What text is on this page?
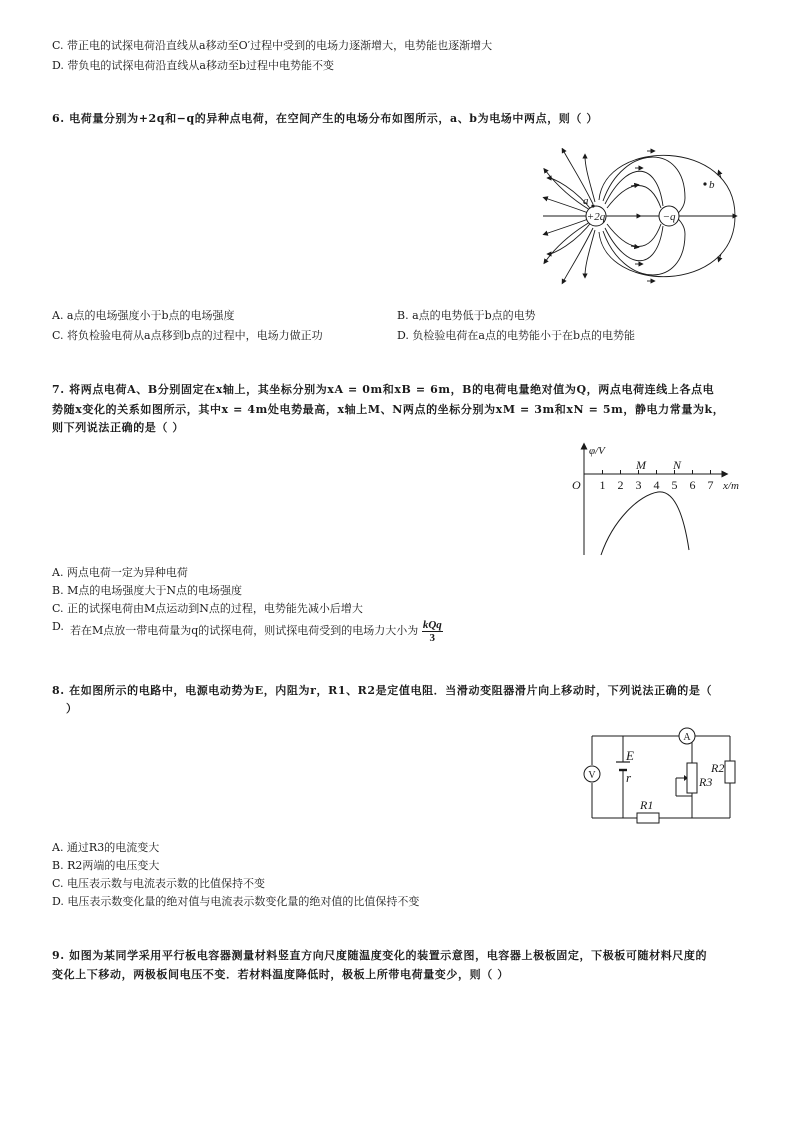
C. 带正电的试探电荷沿直线从a移动至O′过程中受到的电场力逐渐增大，电势能也逐渐增大
D. 带负电的试探电荷沿直线从a移动至b过程中电势能不变
6. 电荷量分别为+2q和−q的异种点电荷，在空间产生的电场分布如图所示，a、b为电场中两点，则（ ）
+2q	−q
a
b
A. a点的电场强度小于b点的电场强度	B. a点的电势低于b点的电势
C. 将负检验电荷从a点移到b点的过程中，电场力做正功	D. 负检验电荷在a点的电势能小于在b点的电势能
7. 将两点电荷A、B分别固定在x轴上，其坐标分别为xA = 0m和xB = 6m，B的电荷电量绝对值为Q，两点电荷连线上各点电
势随x变化的关系如图所示，其中x = 4m处电势最高，x轴上M、N两点的坐标分别为xM = 3m和xN = 5m，静电力常量为k，
则下列说法正确的是（ ）
φ/V
x/m
O 1 2 3 4 5 6 7
M N
A. 两点电荷一定为异种电荷
B. M点的电场强度大于N点的电场强度
C. 正的试探电荷由M点运动到N点的过程，电势能先减小后增大
D. 若在M点放一带电荷量为q的试探电荷，则试探电荷受到的电场力大小为 $\frac{\text{kQq}}{3}$
8. 在如图所示的电路中，电源电动势为E，内阻为r，R1、R2是定值电阻．当滑动变阻器滑片向上移动时，下列说法正确的是（
）
A
V
E
r
R1
R2
R3
A. 通过R3的电流变大
B. R2两端的电压变大
C. 电压表示数与电流表示数的比值保持不变
D. 电压表示数变化量的绝对值与电流表示数变化量的绝对值的比值保持不变
9. 如图为某同学采用平行板电容器测量材料竖直方向尺度随温度变化的装置示意图，电容器上极板固定，下极板可随材料尺度的
变化上下移动，两极板间电压不变．若材料温度降低时，极板上所带电荷量变少，则（ ）
